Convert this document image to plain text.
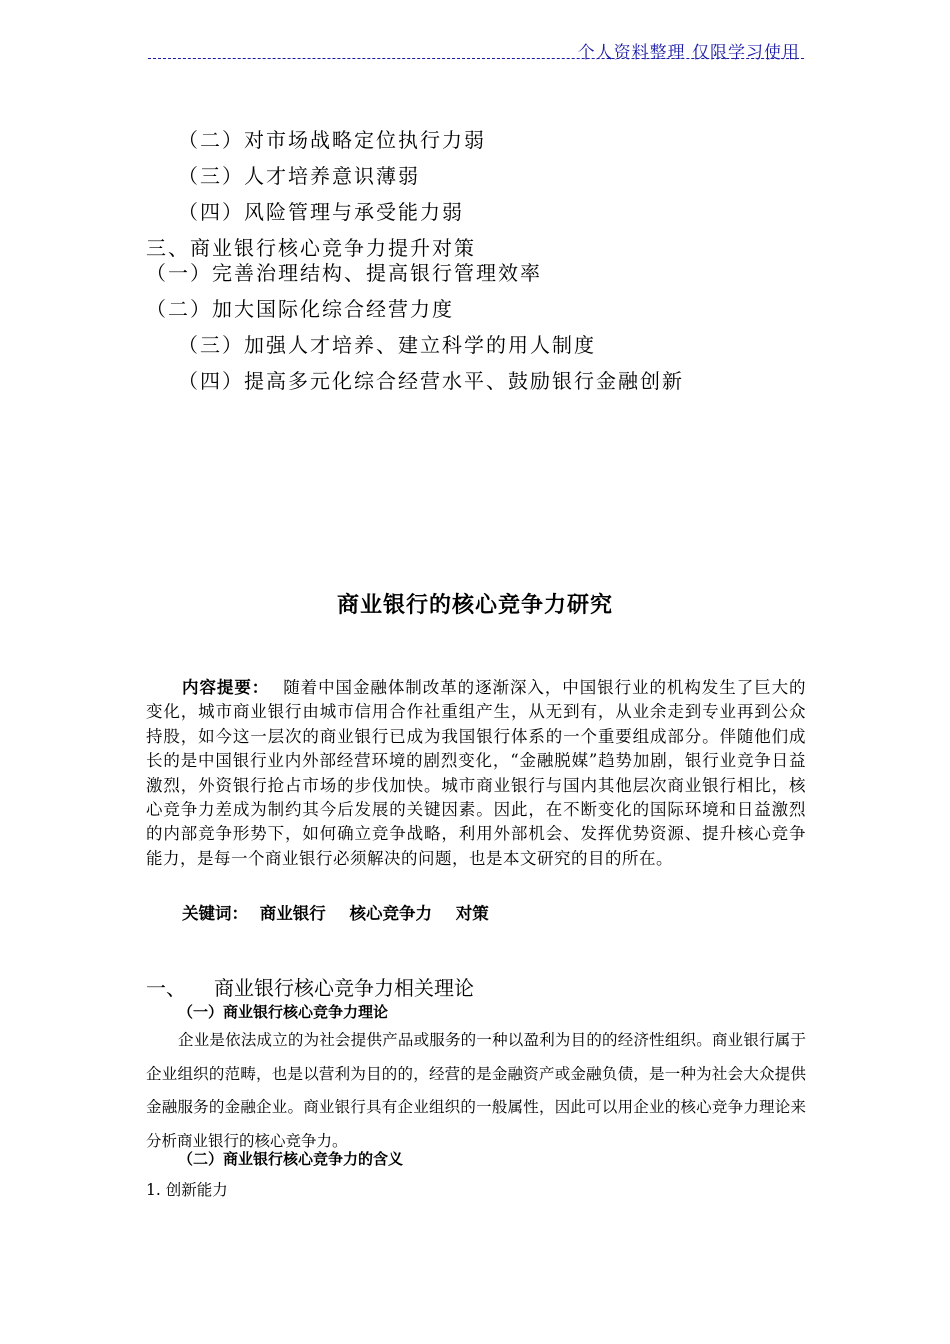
个人资料整理 仅限学习使用
（二）对市场战略定位执行力弱
（三）人才培养意识薄弱
（四）风险管理与承受能力弱
三、商业银行核心竞争力提升对策
（一）完善治理结构、提高银行管理效率
（二）加大国际化综合经营力度
（三）加强人才培养、建立科学的用人制度
（四）提高多元化综合经营水平、鼓励银行金融创新
商业银行的核心竞争力研究
内容提要： 随着中国金融体制改革的逐渐深入，中国银行业的机构发生了巨大的变化，城市商业银行由城市信用合作社重组产生，从无到有，从业余走到专业再到公众持股，如今这一层次的商业银行已成为我国银行体系的一个重要组成部分。伴随他们成长的是中国银行业内外部经营环境的剧烈变化，“金融脱媒”趋势加剧，银行业竞争日益激烈，外资银行抢占市场的步伐加快。城市商业银行与国内其他层次商业银行相比，核心竞争力差成为制约其今后发展的关键因素。因此，在不断变化的国际环境和日益激烈的内部竞争形势下，如何确立竞争战略，利用外部机会、发挥优势资源、提升核心竞争能力，是每一个商业银行必须解决的问题，也是本文研究的目的所在。
关键词： 商业银行 核心竞争力 对策
一、 商业银行核心竞争力相关理论
（一）商业银行核心竞争力理论
企业是依法成立的为社会提供产品或服务的一种以盈利为目的的经济性组织。商业银行属于企业组织的范畴，也是以营利为目的的，经营的是金融资产或金融负债，是一种为社会大众提供金融服务的金融企业。商业银行具有企业组织的一般属性，因此可以用企业的核心竞争力理论来分析商业银行的核心竞争力。
（二）商业银行核心竞争力的含义
1. 创新能力
